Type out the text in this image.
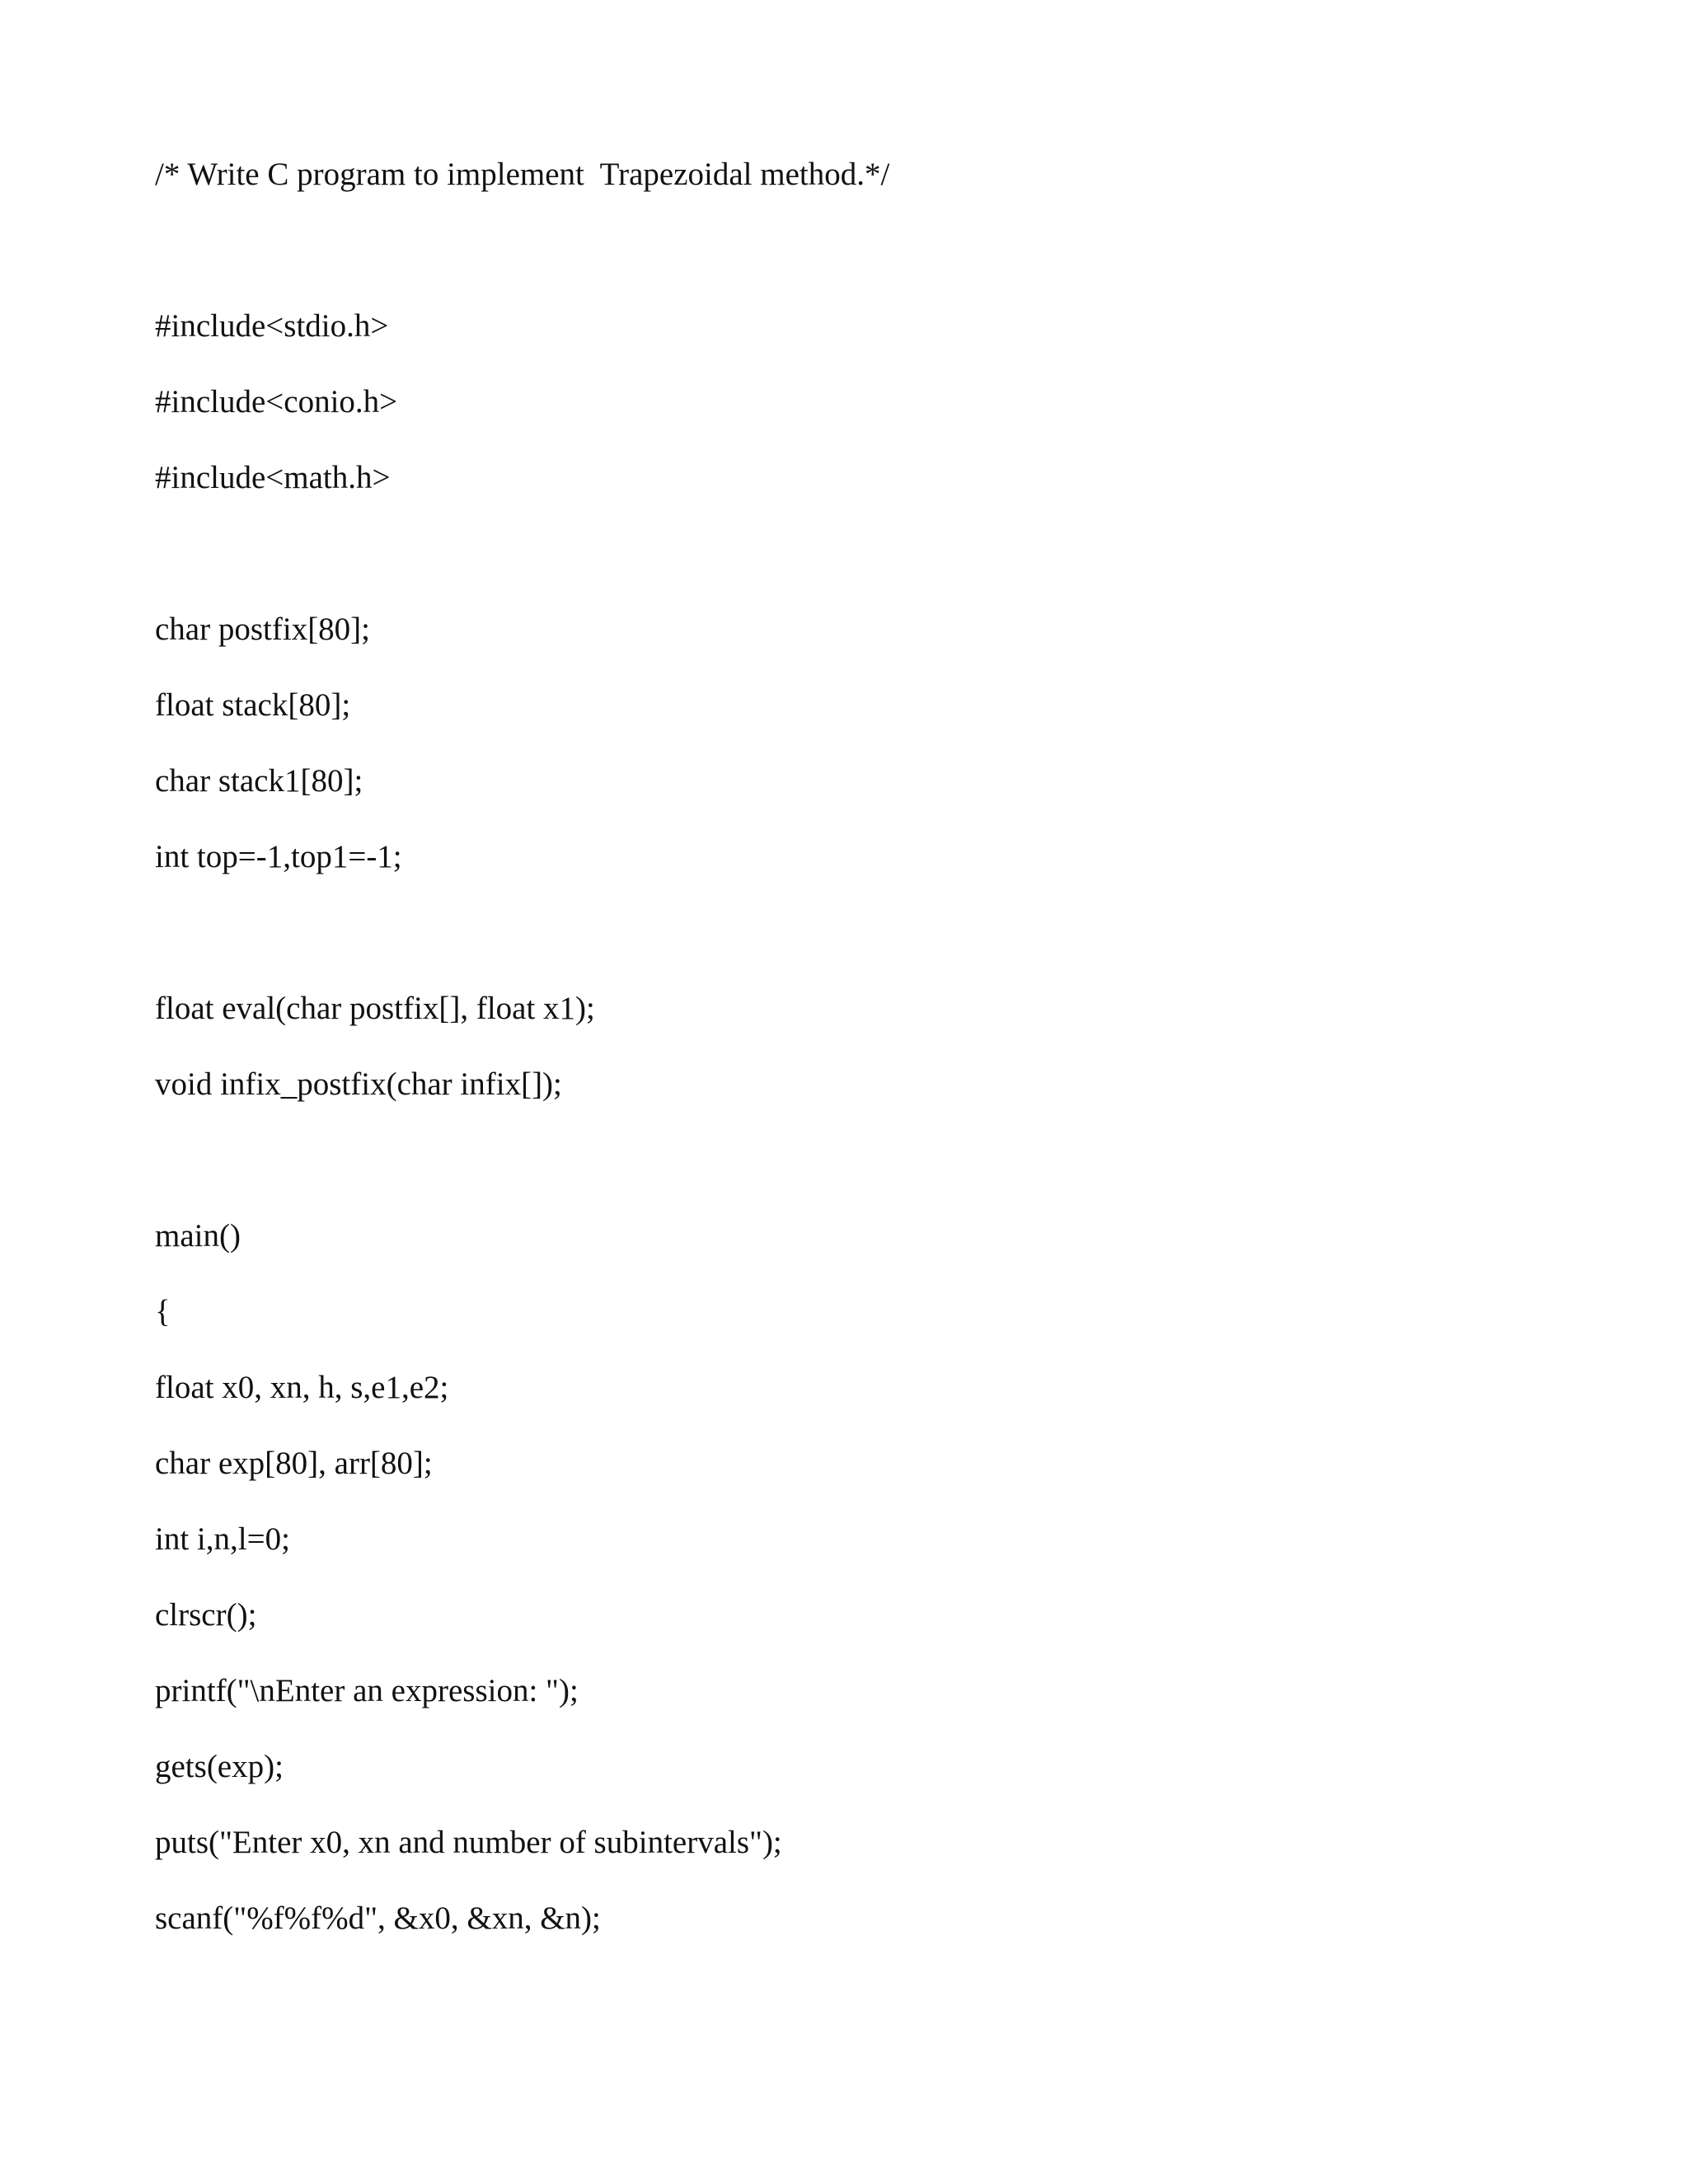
/* Write C program to implement  Trapezoidal method.*/
#include<stdio.h>
#include<conio.h>
#include<math.h>
char postfix[80];
float stack[80];
char stack1[80];
int top=-1,top1=-1;
float eval(char postfix[], float x1);
void infix_postfix(char infix[]);
main()
{
float x0, xn, h, s,e1,e2;
char exp[80], arr[80];
int i,n,l=0;
clrscr();
printf("\nEnter an expression: ");
gets(exp);
puts("Enter x0, xn and number of subintervals");
scanf("%f%f%d", &x0, &xn, &n);
